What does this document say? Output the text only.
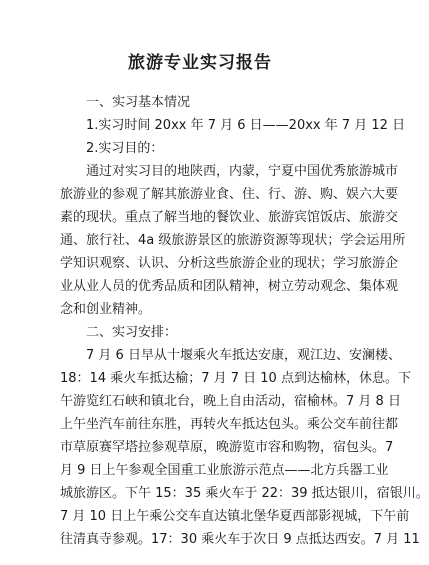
旅游专业实习报告
一、实习基本情况
1.实习时间 20xx 年 7 月 6 日——20xx 年 7 月 12 日
2.实习目的：
通过对实习目的地陕西，内蒙，宁夏中国优秀旅游城市
旅游业的参观了解其旅游业食、住、行、游、购、娱六大要
素的现状。重点了解当地的餐饮业、旅游宾馆饭店、旅游交
通、旅行社、4a 级旅游景区的旅游资源等现状；学会运用所
学知识观察、认识、分析这些旅游企业的现状；学习旅游企
业从业人员的优秀品质和团队精神，树立劳动观念、集体观
念和创业精神。
二、实习安排：
7 月 6 日早从十堰乘火车抵达安康，观江边、安澜楼、
18：14 乘火车抵达榆；7 月 7 日 10 点到达榆林，休息。下
午游览红石峡和镇北台，晚上自由活动，宿榆林。7 月 8 日
上午坐汽车前往东胜，再转火车抵达包头。乘公交车前往都
市草原赛罕塔拉参观草原，晚游览市容和购物，宿包头。7
月 9 日上午参观全国重工业旅游示范点——北方兵器工业
城旅游区。下午 15：35 乘火车于 22：39 抵达银川，宿银川。
7 月 10 日上午乘公交车直达镇北堡华夏西部影视城，下午前
往清真寺参观。17：30 乘火车于次日 9 点抵达西安。7 月 11
